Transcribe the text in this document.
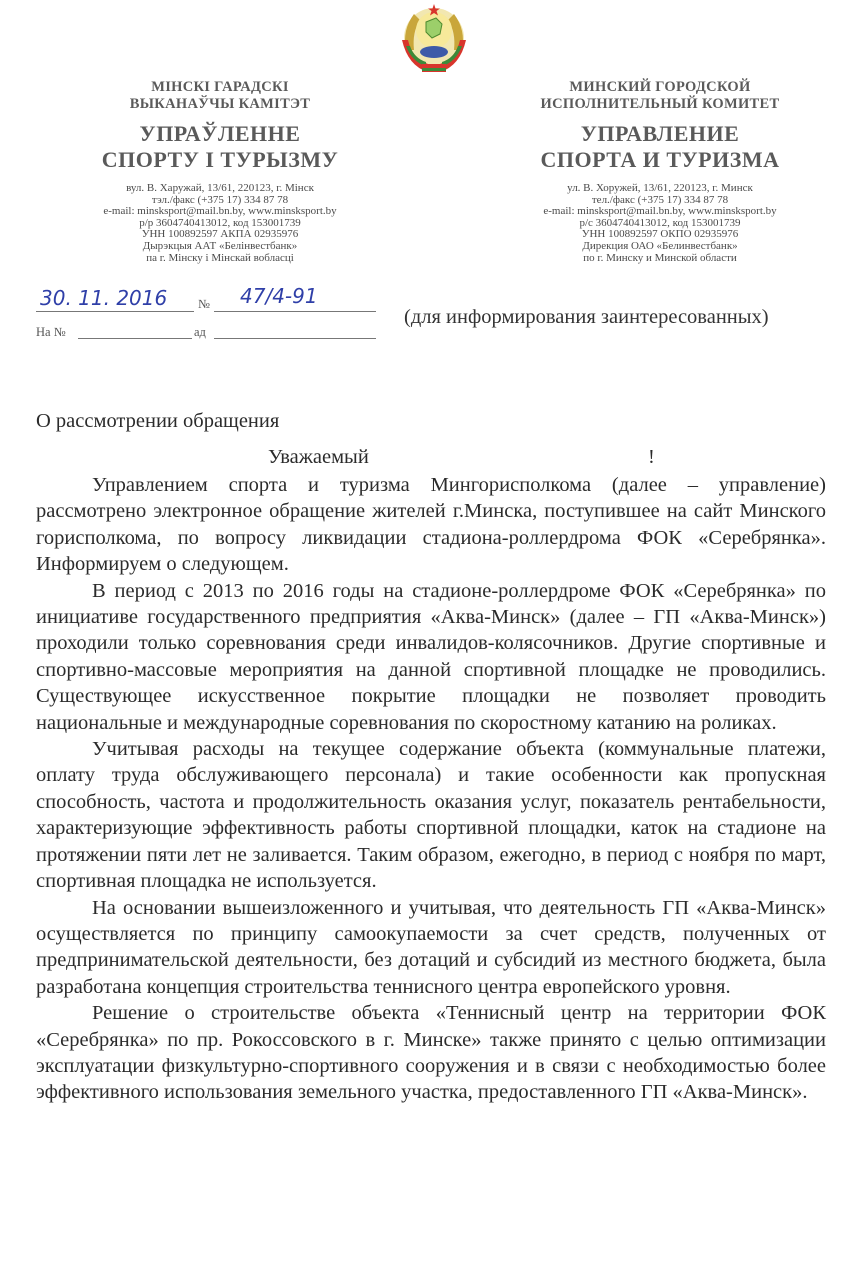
МІНСКІ ГАРАДСКІ
ВЫКАНАЎЧЫ КАМІТЭТ
УПРАЎЛЕННЕ
СПОРТУ І ТУРЫЗМУ
вул. В. Харужай, 13/61, 220123, г. Мінск
тэл./факс (+375 17) 334 87 78
e-mail: minsksport@mail.bn.by, www.minsksport.by
р/р 3604740413012, код 153001739
УНН 100892597 АКПА 02935976
Дырэкцыя ААТ «Белінвестбанк»
па г. Мінску і Мінскай вобласці
МИНСКИЙ ГОРОДСКОЙ
ИСПОЛНИТЕЛЬНЫЙ КОМИТЕТ
УПРАВЛЕНИЕ
СПОРТА И ТУРИЗМА
ул. В. Хоружей, 13/61, 220123, г. Минск
тел./факс (+375 17) 334 87 78
e-mail: minsksport@mail.bn.by, www.minsksport.by
р/с 3604740413012, код 153001739
УНН 100892597 ОКПО 02935976
Дирекция ОАО «Белинвестбанк»
по г. Минску и Минской области
30. 11. 2016 № 47/4-91
На №	ад
(для информирования заинтересованных)
О рассмотрении обращения
Уважаемый	!

Управлением спорта и туризма Мингорисполкома (далее – управление) рассмотрено электронное обращение жителей г.Минска, поступившее на сайт Минского горисполкома, по вопросу ликвидации стадиона-роллердрома ФОК «Серебрянка». Информируем о следующем.

В период с 2013 по 2016 годы на стадионе-роллердроме ФОК «Серебрянка» по инициативе государственного предприятия «Аква-Минск» (далее – ГП «Аква-Минск») проходили только соревнования среди инвалидов-колясочников. Другие спортивные и спортивно-массовые мероприятия на данной спортивной площадке не проводились. Существующее искусственное покрытие площадки не позволяет проводить национальные и международные соревнования по скоростному катанию на роликах.

Учитывая расходы на текущее содержание объекта (коммунальные платежи, оплату труда обслуживающего персонала) и такие особенности как пропускная способность, частота и продолжительность оказания услуг, показатель рентабельности, характеризующие эффективность работы спортивной площадки, каток на стадионе на протяжении пяти лет не заливается. Таким образом, ежегодно, в период с ноября по март, спортивная площадка не используется.

На основании вышеизложенного и учитывая, что деятельность ГП «Аква-Минск» осуществляется по принципу самоокупаемости за счет средств, полученных от предпринимательской деятельности, без дотаций и субсидий из местного бюджета, была разработана концепция строительства теннисного центра европейского уровня.

Решение о строительстве объекта «Теннисный центр на территории ФОК «Серебрянка» по пр. Рокоссовского в г. Минске» также принято с целью оптимизации эксплуатации физкультурно-спортивного сооружения и в связи с необходимостью более эффективного использования земельного участка, предоставленного ГП «Аква-Минск».
